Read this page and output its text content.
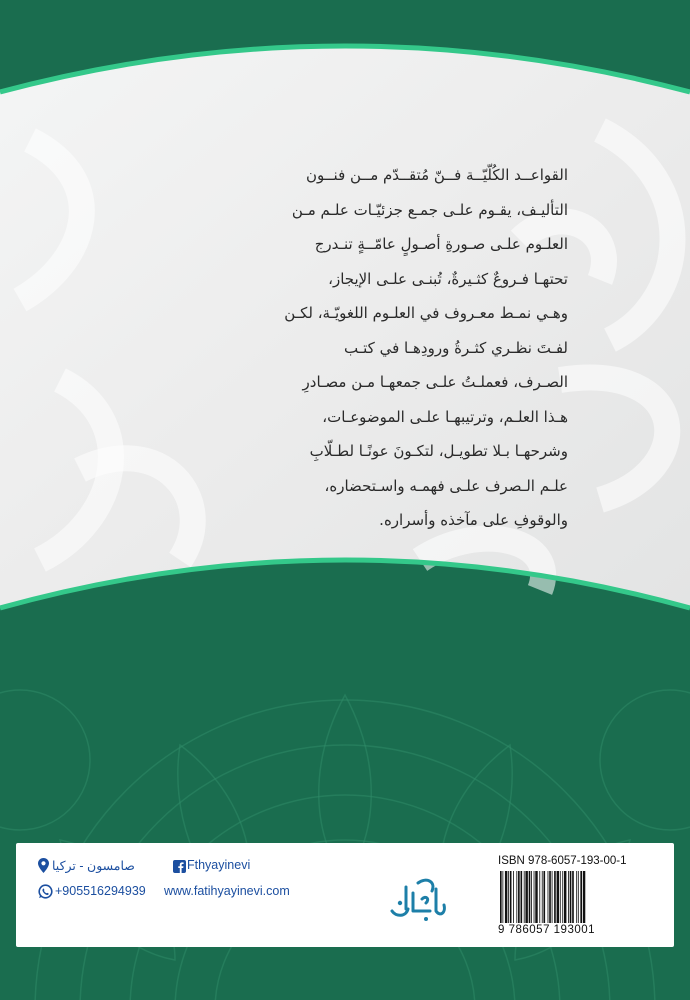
القواعــد الكُلّيّــة فــنّ مُتقــدّم مــن فنــون
التأليـف، يقـوم علـى جمـع جزئيّـات علـم مـن
العلـوم علـى صـورةِ أصـولٍ عامّــةٍ تنـدرج
تحتهـا فـروعٌ كثـيرةٌ، تُبنـى علـى الإيجاز،
وهـي نمـط معـروف في العلـوم اللغويّـة، لكـن
لفـتَ نظـري كثـرةُ ورودِهـا في كتـب
الصـرف، فعملـتُ علـى جمعهـا مـن مصـادرِ
هـذا العلـم، وترتيبهـا علـى الموضوعـات،
وشرحهـا بـلا تطويـل، لتكـونَ عونًـا لطـلّابِ
علـم الـصرف علـى فهمـه واسـتحضاره،
والوقوفِ على مآخذه وأسراره.
ISBN 978-6057-193-00-1
9 786057 193001
Fthyayinevi
www.fatihyayinevi.com
صامسون - تركيا
+905516294939
